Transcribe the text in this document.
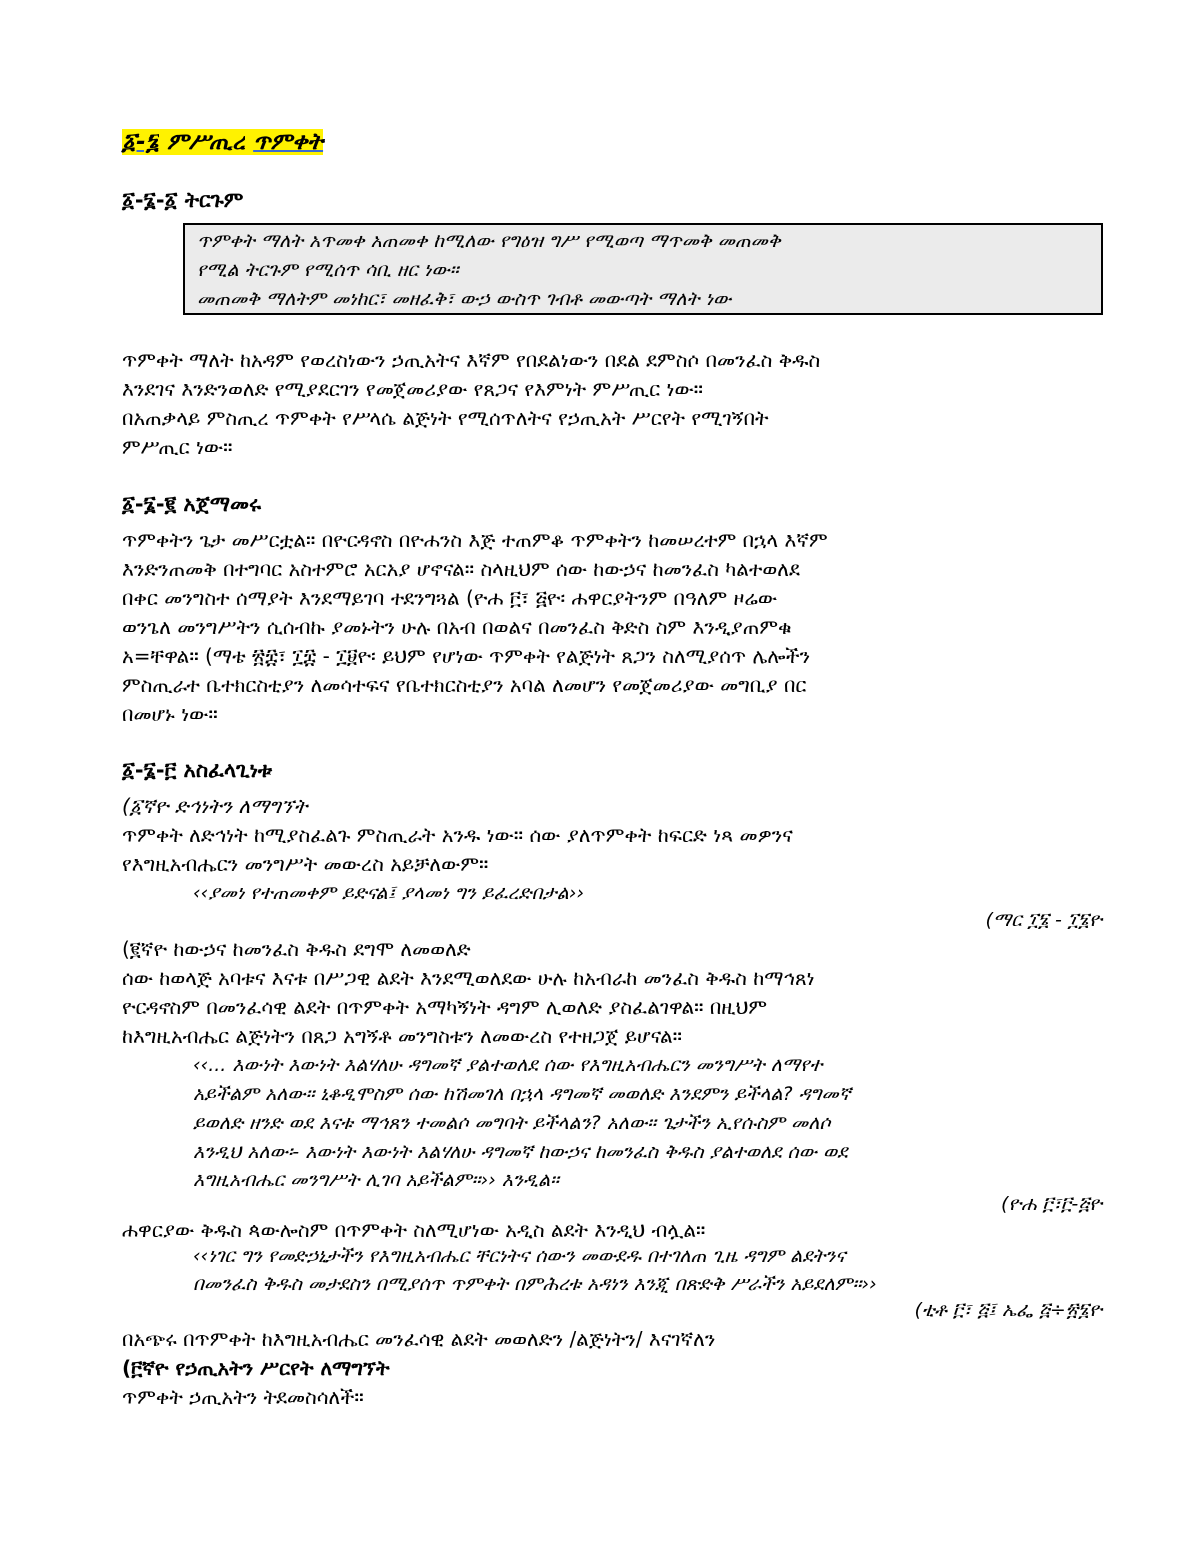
፩-፮ ምሥጢረ ጥምቀት
፩-፮-፩ ትርጉም
ጥምቀት ማለት አጥመቀ አጠመቀ ከሚለው የግዕዝ ግሥ የሚወጣ ማጥመቅ መጠመቅ
የሚል ትርጉም የሚሰጥ ሳቢ ዘር ነው።
መጠመቅ ማለትም መነከር፣ መዘፈቅ፣ ውኃ ውስጥ ገብቶ መውጣት ማለት ነው
ጥምቀት ማለት ከአዳም የወረስነውን ኃጢአትና እኛም የበደልነውን በደል ደምስሶ በመንፈስ ቅዱስ
እንደገና እንድንወለድ የሚያደርገን የመጀመሪያው የጸጋና የእምነት ምሥጢር ነው።
በአጠቃላይ ምስጢረ ጥምቀት የሥላሴ ልጅነት የሚሰጥለትና የኃጢአት ሥርየት የሚገኝበት
ምሥጢር ነው።
፩-፮-፪ አጀማመሩ
ጥምቀትን ጌታ መሥርቷል። በዮርዳኖስ በዮሐንስ እጅ ተጠምቆ ጥምቀትን ከመሠረተም በኋላ እኛም
እንድንጠመቅ በተግባር አስተምሮ አርአያ ሆኖናል። ስላዚህም ሰው ከውኃና ከመንፈስ ካልተወለደ
በቀር መንግስተ ሰማያት እንደማይገባ ተደንግጓል (ዮሐ ፫፣ ፭ዮ፡ ሐዋርያትንም በዓለም ዞሬው
ወንጌለ መንግሥትን ሲሰብኩ ያመኑትን ሁሉ በአብ በወልና በመንፈስ ቅድስ ስም እንዲያጠምቁ
አ=ቸዋል። (ማቴ ፳፰፣ ፲፰ - ፲፱ዮ፡ ይህም የሆነው ጥምቀት የልጅነት ጸጋን ስለሚያሰጥ ሌሎችን
ምስጢራተ ቤተክርስቲያን ለመሳተፍና የቤተክርስቲያን አባል ለመሆን የመጀመሪያው መግቢያ በር
በመሆኑ ነው።
፩-፮-፫ አስፈላጊነቱ
(፩ኛዮ ድኅነትን ለማግኘት
ጥምቀት ለድኅነት ከሚያስፈልጉ ምስጢራት አንዱ ነው። ሰው ያለጥምቀት ከፍርድ ነጻ መዎንና
የእግዚአብሔርን መንግሥት መውረስ አይቻለውም።
‹‹ያመነ የተጠመቀም ይድናል፤ ያላመነ ግን ይፈረድበታል››
(ማር ፲፮ - ፲፮ዮ
(፪ኛዮ ከውኃና ከመንፈስ ቅዱስ ደግሞ ለመወለድ
ሰው ከወላጅ አባቱና እናቱ በሥጋዊ ልደት እንደሚወለደው ሁሉ ከአብራከ መንፈስ ቅዱስ ከማኅጸነ
ዮርዳኖስም በመንፈሳዊ ልደት በጥምቀት አማካኝነት ዳግም ሊወለድ ያስፈልገዋል። በዚህም
ከእግዚአብሔር ልጅነትን በጸጋ አግኝቶ መንግስቱን ለመውረስ የተዘጋጀ ይሆናል።
‹‹... እውነት እውነት እልሃለሁ ዳግመኛ ያልተወለደ ሰው የእግዚአብሔርን መንግሥት ለማየተ
አይችልም አለው። ኒቆዲሞስም ሰው ከሽመገለ በኋላ ዳግመኛ መወለድ እንደምን ይችላል? ዳግመኛ
ይወለድ ዘንድ ወደ እናቱ ማኅጸን ተመልሶ መግባት ይችላልን? አለው። ጌታችን ኢየሱስም መለሶ
እንዲህ አለው፡- እውነት እውነት እልሃለሁ ዳግመኛ ከውኃና ከመንፈስ ቅዱስ ያልተወለደ ሰው ወደ
እግዚአብሔር መንግሥት ሊገባ አይችልም።›› እንዲል።
(ዮሐ ፫፣፫-፭ዮ
ሐዋርያው ቅዱስ ጳውሎስም በጥምቀት ስለሚሆነው አዲስ ልደት እንዲህ ብሏል።
‹‹ነገር ግን የመድኃኒታችን የእግዚአብሔር ቸርነትና ሰውን መውደዱ በተገለጠ ጊዜ ዳግም ልደትንና
በመንፈስ ቅዱስ መታደስን በሚያሰጥ ጥምቀት በምሕረቱ አዳነን እንጂ በጽድቅ ሥራችን አይደለም።››
(ቲቶ ፫፣ ፭፤ ኤፌ ፭÷፳፮ዮ
በአጭሩ በጥምቀት ከእግዚአብሔር መንፈሳዊ ልደት መወለድን /ልጅነትን/ እናገኛለን
(፫ኛዮ የኃጢአትን ሥርየት ለማግኘት
ጥምቀት ኃጢአትን ትደመስሳለች።
